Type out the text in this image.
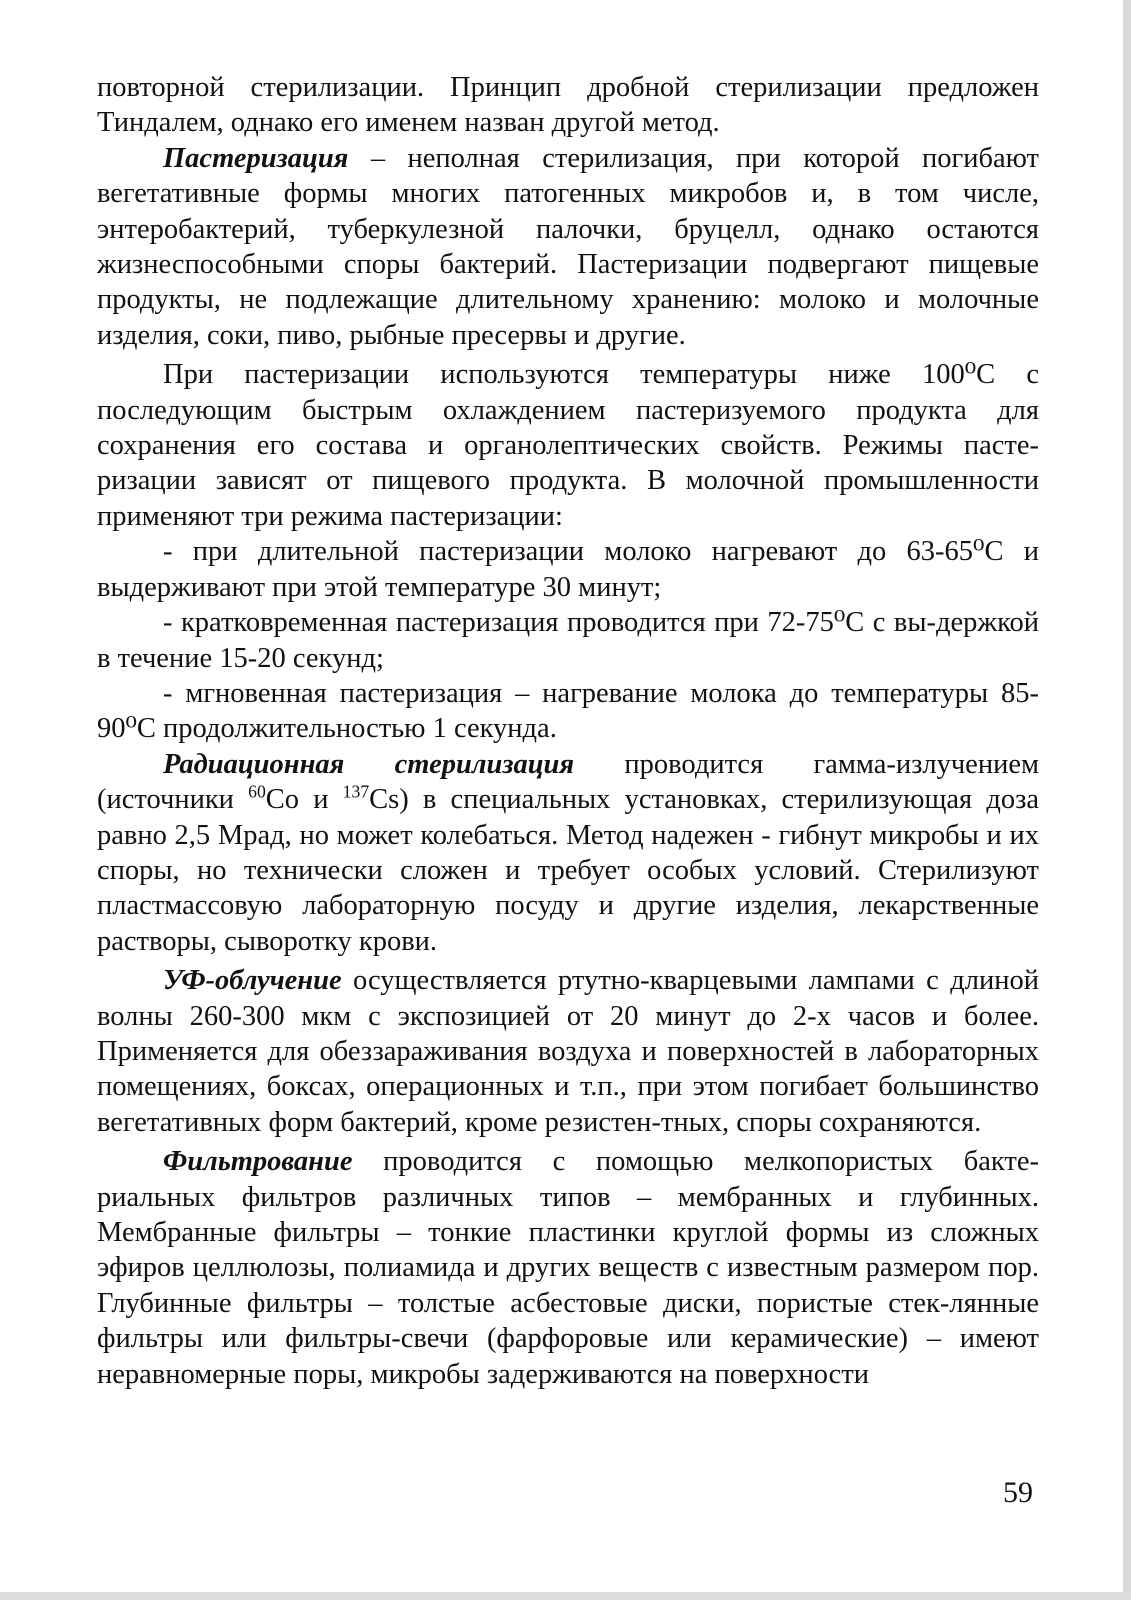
повторной стерилизации. Принцип дробной стерилизации предложен Тиндалем, однако его именем назван другой метод.

Пастеризация – неполная стерилизация, при которой погибают вегетативные формы многих патогенных микробов и, в том числе, энтеробактерий, туберкулезной палочки, бруцелл, однако остаются жизнеспособными споры бактерий. Пастеризации подвергают пищевые продукты, не подлежащие длительному хранению: молоко и молочные изделия, соки, пиво, рыбные пресервы и другие.

При пастеризации используются температуры ниже 100⁰С с последующим быстрым охлаждением пастеризуемого продукта для сохранения его состава и органолептических свойств. Режимы пасте-ризации зависят от пищевого продукта. В молочной промышленности применяют три режима пастеризации:

- при длительной пастеризации молоко нагревают до 63-65⁰С и выдерживают при этой температуре 30 минут;

- кратковременная пастеризация проводится при 72-75⁰С с вы-держкой в течение 15-20 секунд;

- мгновенная пастеризация – нагревание молока до температуры 85-90⁰С продолжительностью 1 секунда.

Радиационная стерилизация проводится гамма-излучением (источники $^{60}$Со и $^{137}$Cs) в специальных установках, стерилизующая доза равно 2,5 Мрад, но может колебаться. Метод надежен - гибнут микробы и их споры, но технически сложен и требует особых условий. Стерилизуют пластмассовую лабораторную посуду и другие изделия, лекарственные растворы, сыворотку крови.

УФ-облучение осуществляется ртутно-кварцевыми лампами с длиной волны 260-300 мкм с экспозицией от 20 минут до 2-х часов и более. Применяется для обеззараживания воздуха и поверхностей в лабораторных помещениях, боксах, операционных и т.п., при этом погибает большинство вегетативных форм бактерий, кроме резистен-тных, споры сохраняются.

Фильтрование проводится с помощью мелкопористых бакте-риальных фильтров различных типов – мембранных и глубинных. Мембранные фильтры – тонкие пластинки круглой формы из сложных эфиров целлюлозы, полиамида и других веществ с известным размером пор. Глубинные фильтры – толстые асбестовые диски, пористые стек-лянные фильтры или фильтры-свечи (фарфоровые или керамические) – имеют неравномерные поры, микробы задерживаются на поверхности

59
